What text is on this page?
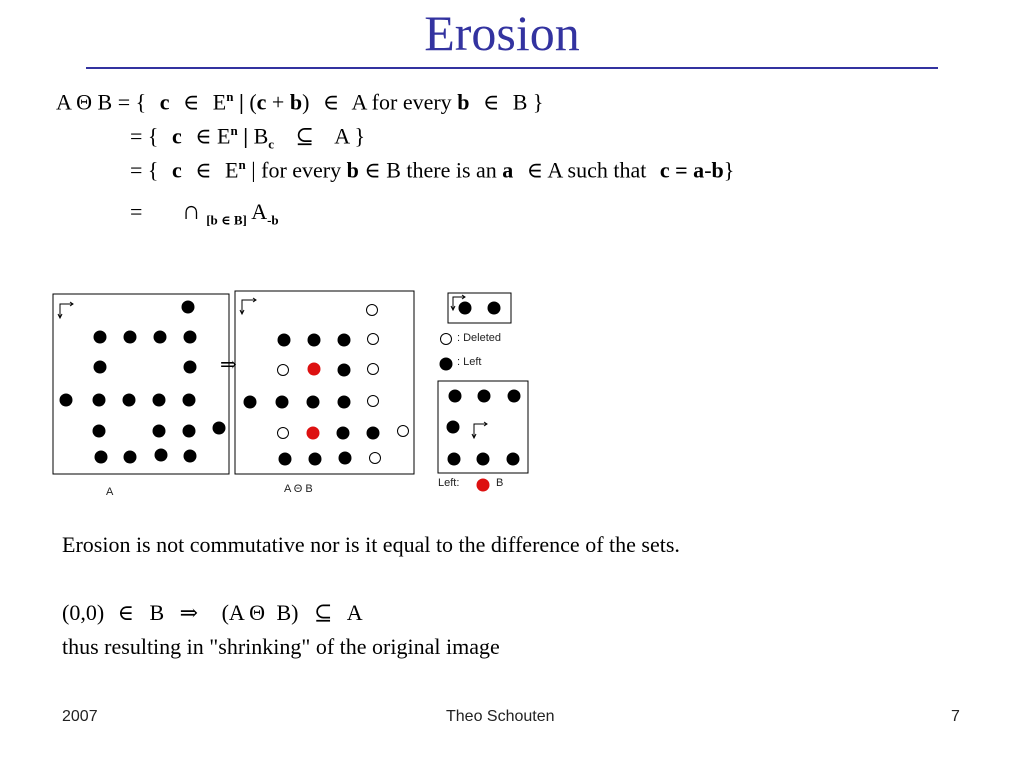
Erosion
A Θ B = { c ∈ $E^n$ | (c + b) ∈ A for every b ∈ B }
= { c ∈ $E^n$ | $B_c$ ⊆ A }
= { c ∈ $E^n$ | for every b ∈ B there is an a ∈ A such that c = a-b}
= ∩ $_{[b \in B]}$ $A_{-b}$
⇒
A	A Θ B
: Deleted
: Left
Left:	B
Erosion is not commutative nor is it equal to the difference of the sets.
(0,0) ∈ B ⇒ (A Θ B) ⊆ A
thus resulting in "shrinking" of the original image
2007	Theo Schouten	7
